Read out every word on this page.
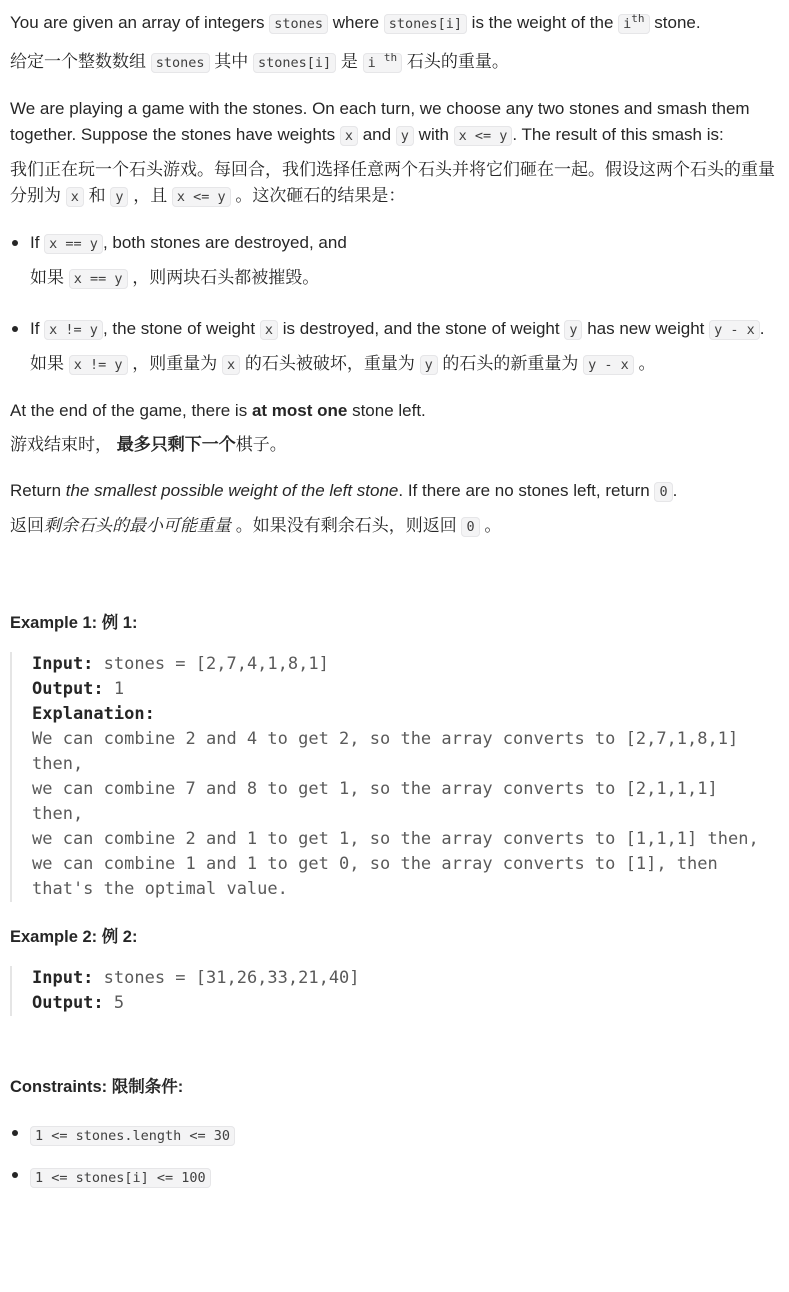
You are given an array of integers stones where stones[i] is the weight of the $i^{th}$ stone.

给定一个整数数组 stones 其中 stones[i] 是 i $^{th}$ 石头的重量。

We are playing a game with the stones. On each turn, we choose any two stones and smash them together. Suppose the stones have weights x and y with x <= y . The result of this smash is:

我们正在玩一个石头游戏。每回合，我们选择任意两个石头并将它们砸在一起。假设这两个石头的重量分别为 x 和 y ，且 x <= y 。这次砸石的结果是：

If x == y , both stones are destroyed, and

如果 x == y ，则两块石头都被摧毁。

If x != y , the stone of weight x is destroyed, and the stone of weight y has new weight y - x .

如果 x != y ，则重量为 x 的石头被破坏，重量为 y 的石头的新重量为 y - x 。

At the end of the game, there is at most one stone left.

游戏结束时， 最多只剩下一个棋子。

Return the smallest possible weight of the left stone. If there are no stones left, return 0 .

返回剩余石头的最小可能重量 。如果没有剩余石头，则返回 0 。

Example 1: 例 1:

Input: stones = [2,7,4,1,8,1]
Output: 1
Explanation:
We can combine 2 and 4 to get 2, so the array converts to [2,7,1,8,1]
then,
we can combine 7 and 8 to get 1, so the array converts to [2,1,1,1]
then,
we can combine 2 and 1 to get 1, so the array converts to [1,1,1] then,
we can combine 1 and 1 to get 0, so the array converts to [1], then
that's the optimal value.

Example 2: 例 2:

Input: stones = [31,26,33,21,40]
Output: 5

Constraints: 限制条件:

1 <= stones.length <= 30
1 <= stones[i] <= 100
